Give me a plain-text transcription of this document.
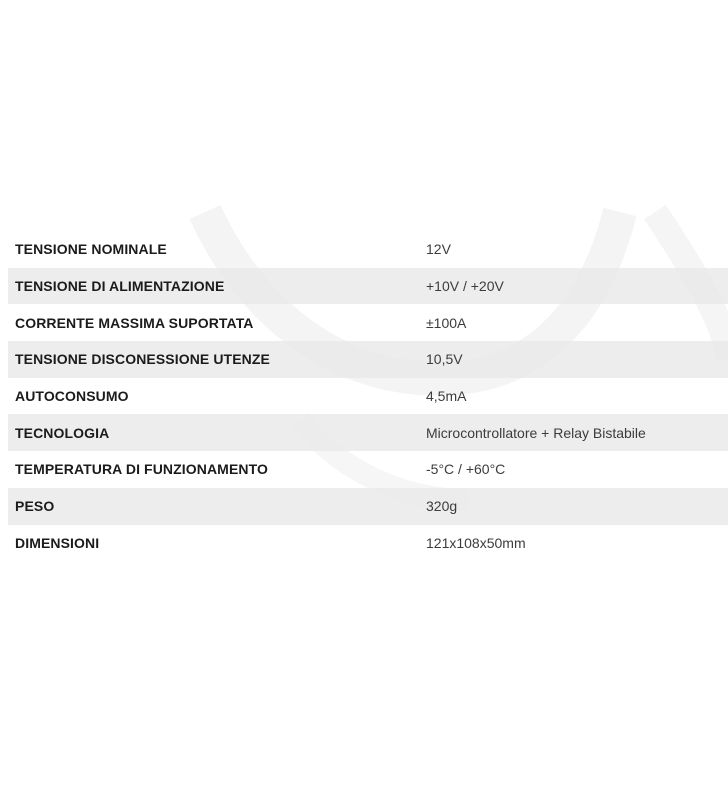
TENSIONE NOMINALE	12V
TENSIONE DI ALIMENTAZIONE	+10V / +20V
CORRENTE MASSIMA SUPORTATA	±100A
TENSIONE DISCONESSIONE UTENZE	10,5V
AUTOCONSUMO	4,5mA
TECNOLOGIA	Microcontrollatore + Relay Bistabile
TEMPERATURA DI FUNZIONAMENTO	-5°C / +60°C
PESO	320g
DIMENSIONI	121x108x50mm
